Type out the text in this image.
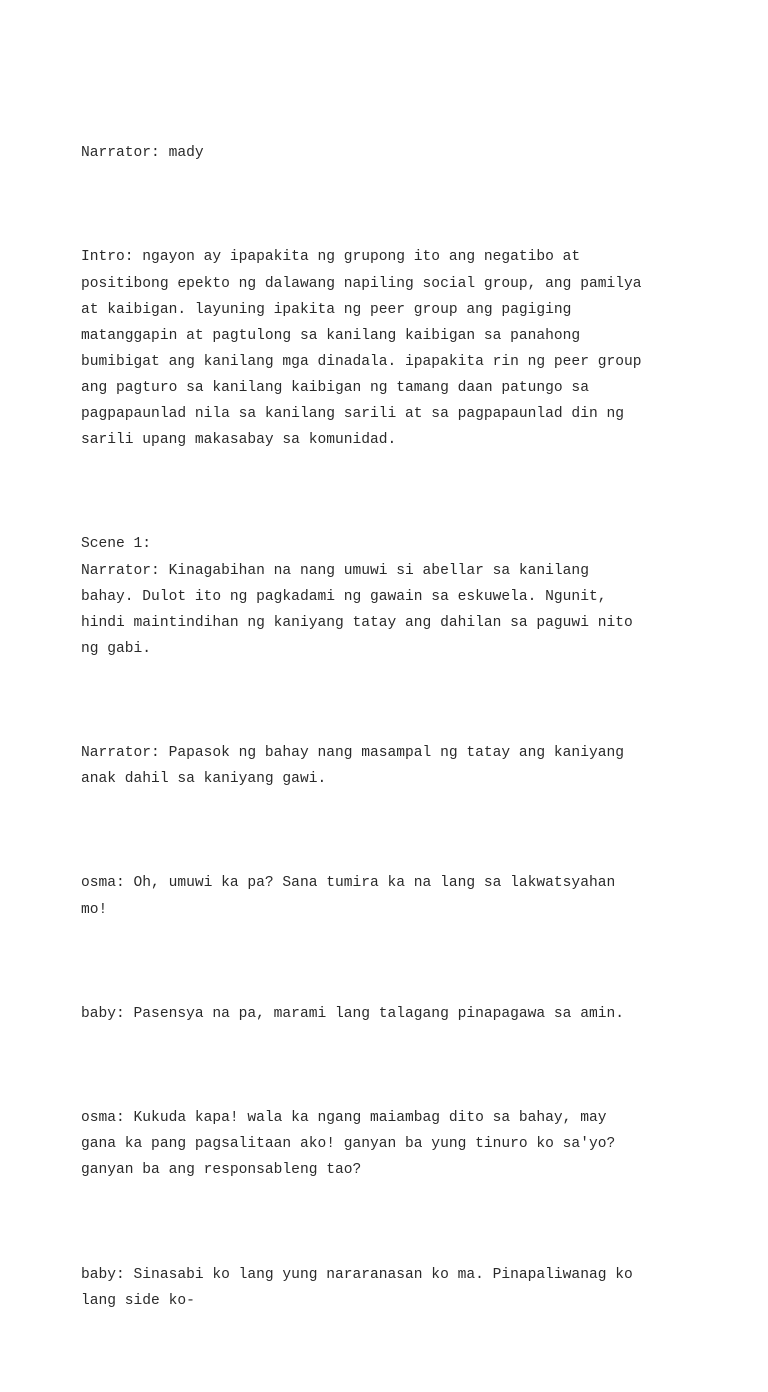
Narrator: mady

Intro: ngayon ay ipapakita ng grupong ito ang negatibo at
positibong epekto ng dalawang napiling social group, ang pamilya
at kaibigan. layuning ipakita ng peer group ang pagiging
matanggapin at pagtulong sa kanilang kaibigan sa panahong
bumibigat ang kanilang mga dinadala. ipapakita rin ng peer group
ang pagturo sa kanilang kaibigan ng tamang daan patungo sa
pagpapaunlad nila sa kanilang sarili at sa pagpapaunlad din ng
sarili upang makasabay sa komunidad.

Scene 1:
Narrator: Kinagabihan na nang umuwi si abellar sa kanilang
bahay. Dulot ito ng pagkadami ng gawain sa eskuwela. Ngunit,
hindi maintindihan ng kaniyang tatay ang dahilan sa paguwi nito
ng gabi.

Narrator: Papasok ng bahay nang masampal ng tatay ang kaniyang
anak dahil sa kaniyang gawi.

osma: Oh, umuwi ka pa? Sana tumira ka na lang sa lakwatsyahan
mo!

baby: Pasensya na pa, marami lang talagang pinapagawa sa amin.

osma: Kukuda kapa! wala ka ngang maiambag dito sa bahay, may
gana ka pang pagsalitaan ako! ganyan ba yung tinuro ko sa'yo?
ganyan ba ang responsableng tao?

baby: Sinasabi ko lang yung nararanasan ko ma. Pinapaliwanag ko
lang side ko-
